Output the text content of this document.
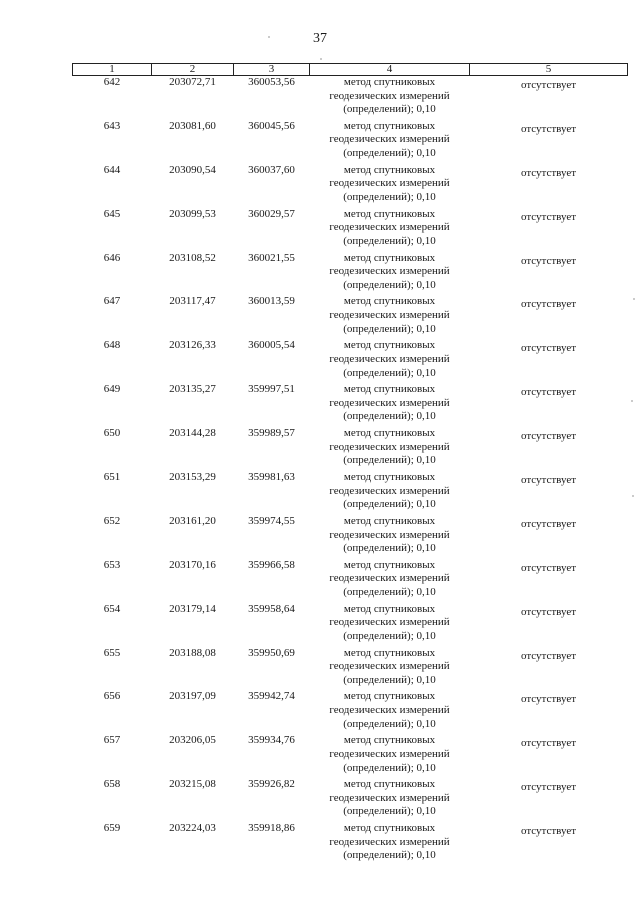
37
1	2	3	4	5
642	203072,71	360053,56	метод спутниковых
геодезических измерений
(определений); 0,10	отсутствует
643	203081,60	360045,56	метод спутниковых
геодезических измерений
(определений); 0,10	отсутствует
644	203090,54	360037,60	метод спутниковых
геодезических измерений
(определений); 0,10	отсутствует
645	203099,53	360029,57	метод спутниковых
геодезических измерений
(определений); 0,10	отсутствует
646	203108,52	360021,55	метод спутниковых
геодезических измерений
(определений); 0,10	отсутствует
647	203117,47	360013,59	метод спутниковых
геодезических измерений
(определений); 0,10	отсутствует
648	203126,33	360005,54	метод спутниковых
геодезических измерений
(определений); 0,10	отсутствует
649	203135,27	359997,51	метод спутниковых
геодезических измерений
(определений); 0,10	отсутствует
650	203144,28	359989,57	метод спутниковых
геодезических измерений
(определений); 0,10	отсутствует
651	203153,29	359981,63	метод спутниковых
геодезических измерений
(определений); 0,10	отсутствует
652	203161,20	359974,55	метод спутниковых
геодезических измерений
(определений); 0,10	отсутствует
653	203170,16	359966,58	метод спутниковых
геодезических измерений
(определений); 0,10	отсутствует
654	203179,14	359958,64	метод спутниковых
геодезических измерений
(определений); 0,10	отсутствует
655	203188,08	359950,69	метод спутниковых
геодезических измерений
(определений); 0,10	отсутствует
656	203197,09	359942,74	метод спутниковых
геодезических измерений
(определений); 0,10	отсутствует
657	203206,05	359934,76	метод спутниковых
геодезических измерений
(определений); 0,10	отсутствует
658	203215,08	359926,82	метод спутниковых
геодезических измерений
(определений); 0,10	отсутствует
659	203224,03	359918,86	метод спутниковых
геодезических измерений
(определений); 0,10	отсутствует
